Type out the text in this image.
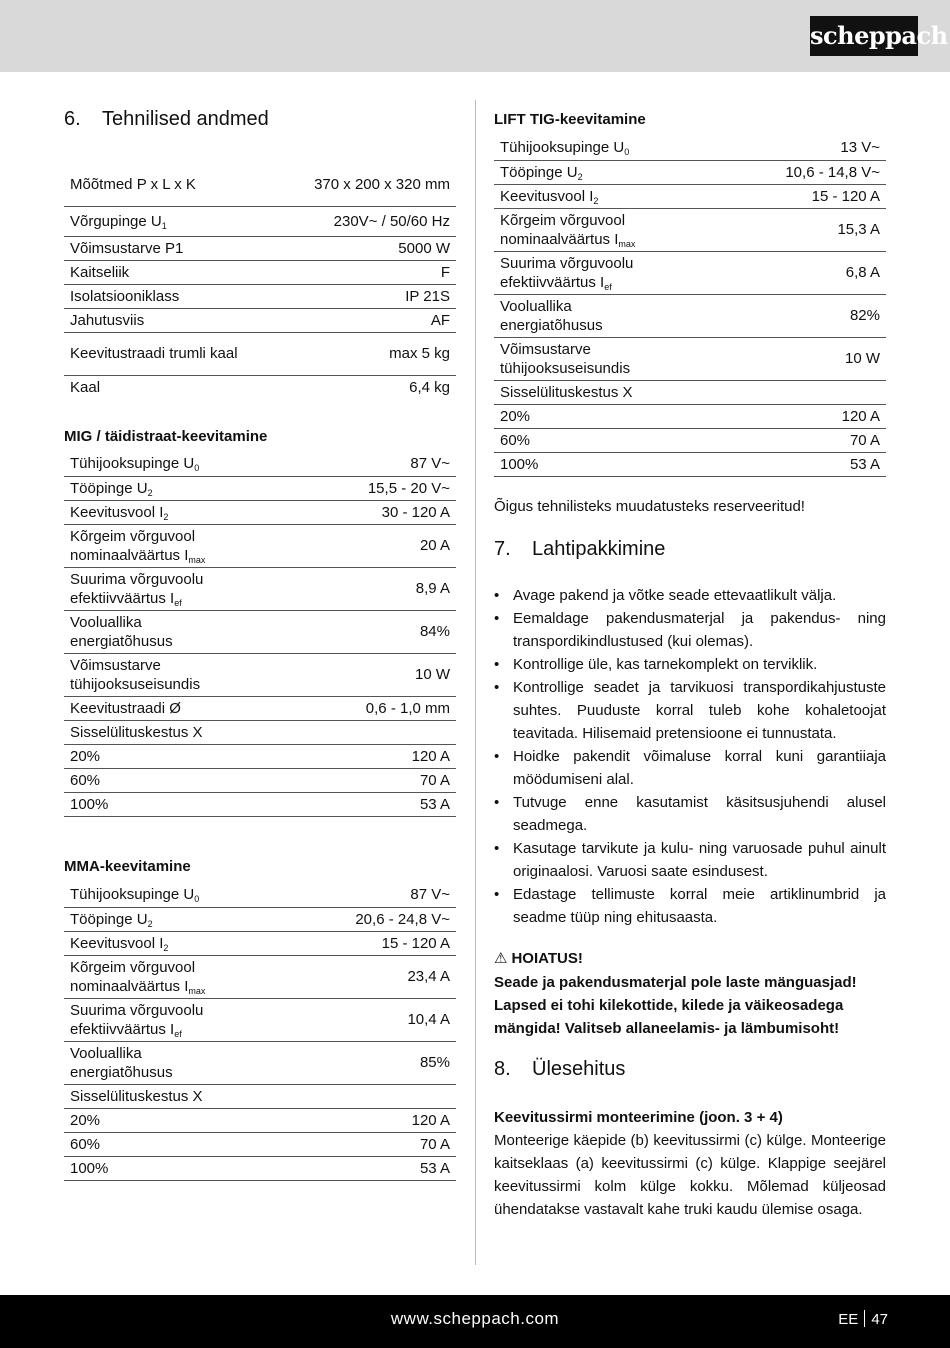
scheppach
6. Tehnilised andmed
Mõõtmed P x L x K	370 x 200 x 320 mm
Võrgupinge $U_1$	230V~ / 50/60 Hz
Võimsustarve P1	5000 W
Kaitseliik	F
Isolatsiooniklass	IP 21S
Jahutusviis	AF
Keevitustraadi trumli kaal	max 5 kg
Kaal	6,4 kg
MIG / täidistraat-keevitamine
Tühijooksupinge $U_0$	87 V~
Tööpinge $U_2$	15,5 - 20 V~
Keevitusvool $I_2$	30 - 120 A
Kõrgeim võrguvool
nominaalväärtus $I_{max}$	20 A
Suurima võrguvoolu
efektiivväärtus $I_{ef}$	8,9 A
Vooluallika
energiatõhusus	84%
Võimsustarve
tühijooksuseisundis	10 W
Keevitustraadi Ø	0,6 - 1,0 mm
Sisselülituskestus X	
20%	120 A
60%	70 A
100%	53 A
MMA-keevitamine
Tühijooksupinge $U_0$	87 V~
Tööpinge $U_2$	20,6 - 24,8 V~
Keevitusvool $I_2$	15 - 120 A
Kõrgeim võrguvool
nominaalväärtus $I_{max}$	23,4 A
Suurima võrguvoolu
efektiivväärtus $I_{ef}$	10,4 A
Vooluallika
energiatõhusus	85%
Sisselülituskestus X	
20%	120 A
60%	70 A
100%	53 A
LIFT TIG-keevitamine
Tühijooksupinge $U_0$	13 V~
Tööpinge $U_2$	10,6 - 14,8 V~
Keevitusvool $I_2$	15 - 120 A
Kõrgeim võrguvool
nominaalväärtus $I_{max}$	15,3 A
Suurima võrguvoolu
efektiivväärtus $I_{ef}$	6,8 A
Vooluallika
energiatõhusus	82%
Võimsustarve
tühijooksuseisundis	10 W
Sisselülituskestus X	
20%	120 A
60%	70 A
100%	53 A
Õigus tehnilisteks muudatusteks reserveeritud!
7. Lahtipakkimine
• Avage pakend ja võtke seade ettevaatlikult välja.
• Eemaldage pakendusmaterjal ja pakendus- ning transpordikindlustused (kui olemas).
• Kontrollige üle, kas tarnekomplekt on terviklik.
• Kontrollige seadet ja tarvikuosi transpordikahjustuste suhtes. Puuduste korral tuleb kohe kohaletoojat teavitada. Hilisemaid pretensioone ei tunnustata.
• Hoidke pakendit võimaluse korral kuni garantiiaja möödumiseni alal.
• Tutvuge enne kasutamist käsitsusjuhendi alusel seadmega.
• Kasutage tarvikute ja kulu- ning varuosade puhul ainult originaalosi. Varuosi saate esindusest.
• Edastage tellimuste korral meie artiklinumbrid ja seadme tüüp ning ehitusaasta.
⚠ HOIATUS!
Seade ja pakendusmaterjal pole laste mänguasjad! Lapsed ei tohi kilekottide, kilede ja väikeosadega mängida! Valitseb allaneelamis- ja lämbumisoht!
8. Ülesehitus
Keevitussirmi monteerimine (joon. 3 + 4)
Monteerige käepide (b) keevitussirmi (c) külge. Monteerige kaitseklaas (a) keevitussirmi (c) külge. Klappige seejärel keevitussirmi kolm külge kokku. Mõlemad küljeosad ühendatakse vastavalt kahe truki kaudu ülemise osaga.
www.scheppach.com	EE 47
